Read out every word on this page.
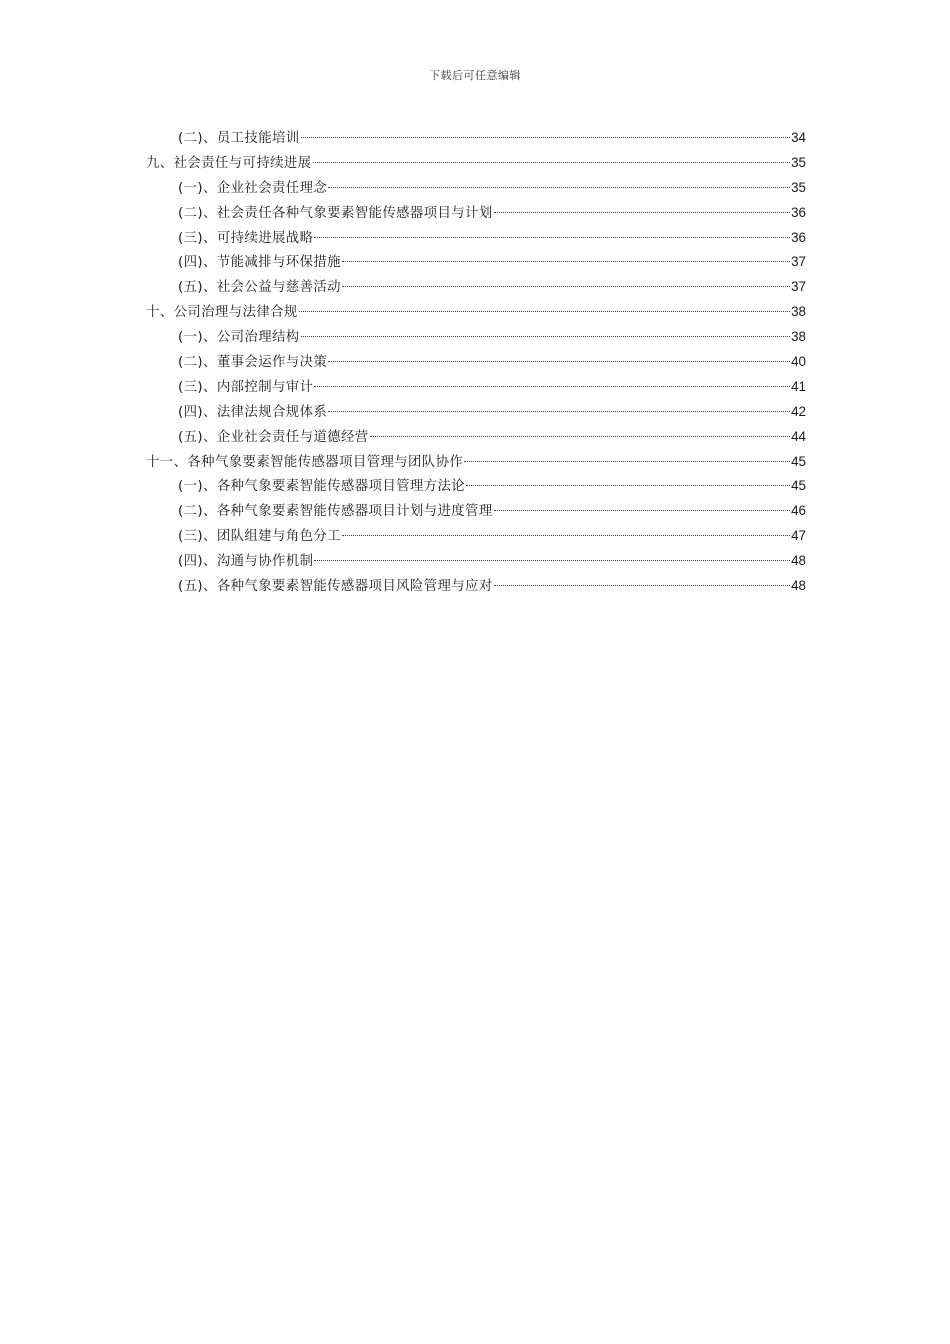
下载后可任意编辑
(二)、员工技能培训	34
九、社会责任与可持续进展	35
(一)、企业社会责任理念	35
(二)、社会责任各种气象要素智能传感器项目与计划	36
(三)、可持续进展战略	36
(四)、节能减排与环保措施	37
(五)、社会公益与慈善活动	37
十、公司治理与法律合规	38
(一)、公司治理结构	38
(二)、董事会运作与决策	40
(三)、内部控制与审计	41
(四)、法律法规合规体系	42
(五)、企业社会责任与道德经营	44
十一、各种气象要素智能传感器项目管理与团队协作	45
(一)、各种气象要素智能传感器项目管理方法论	45
(二)、各种气象要素智能传感器项目计划与进度管理	46
(三)、团队组建与角色分工	47
(四)、沟通与协作机制	48
(五)、各种气象要素智能传感器项目风险管理与应对	48
